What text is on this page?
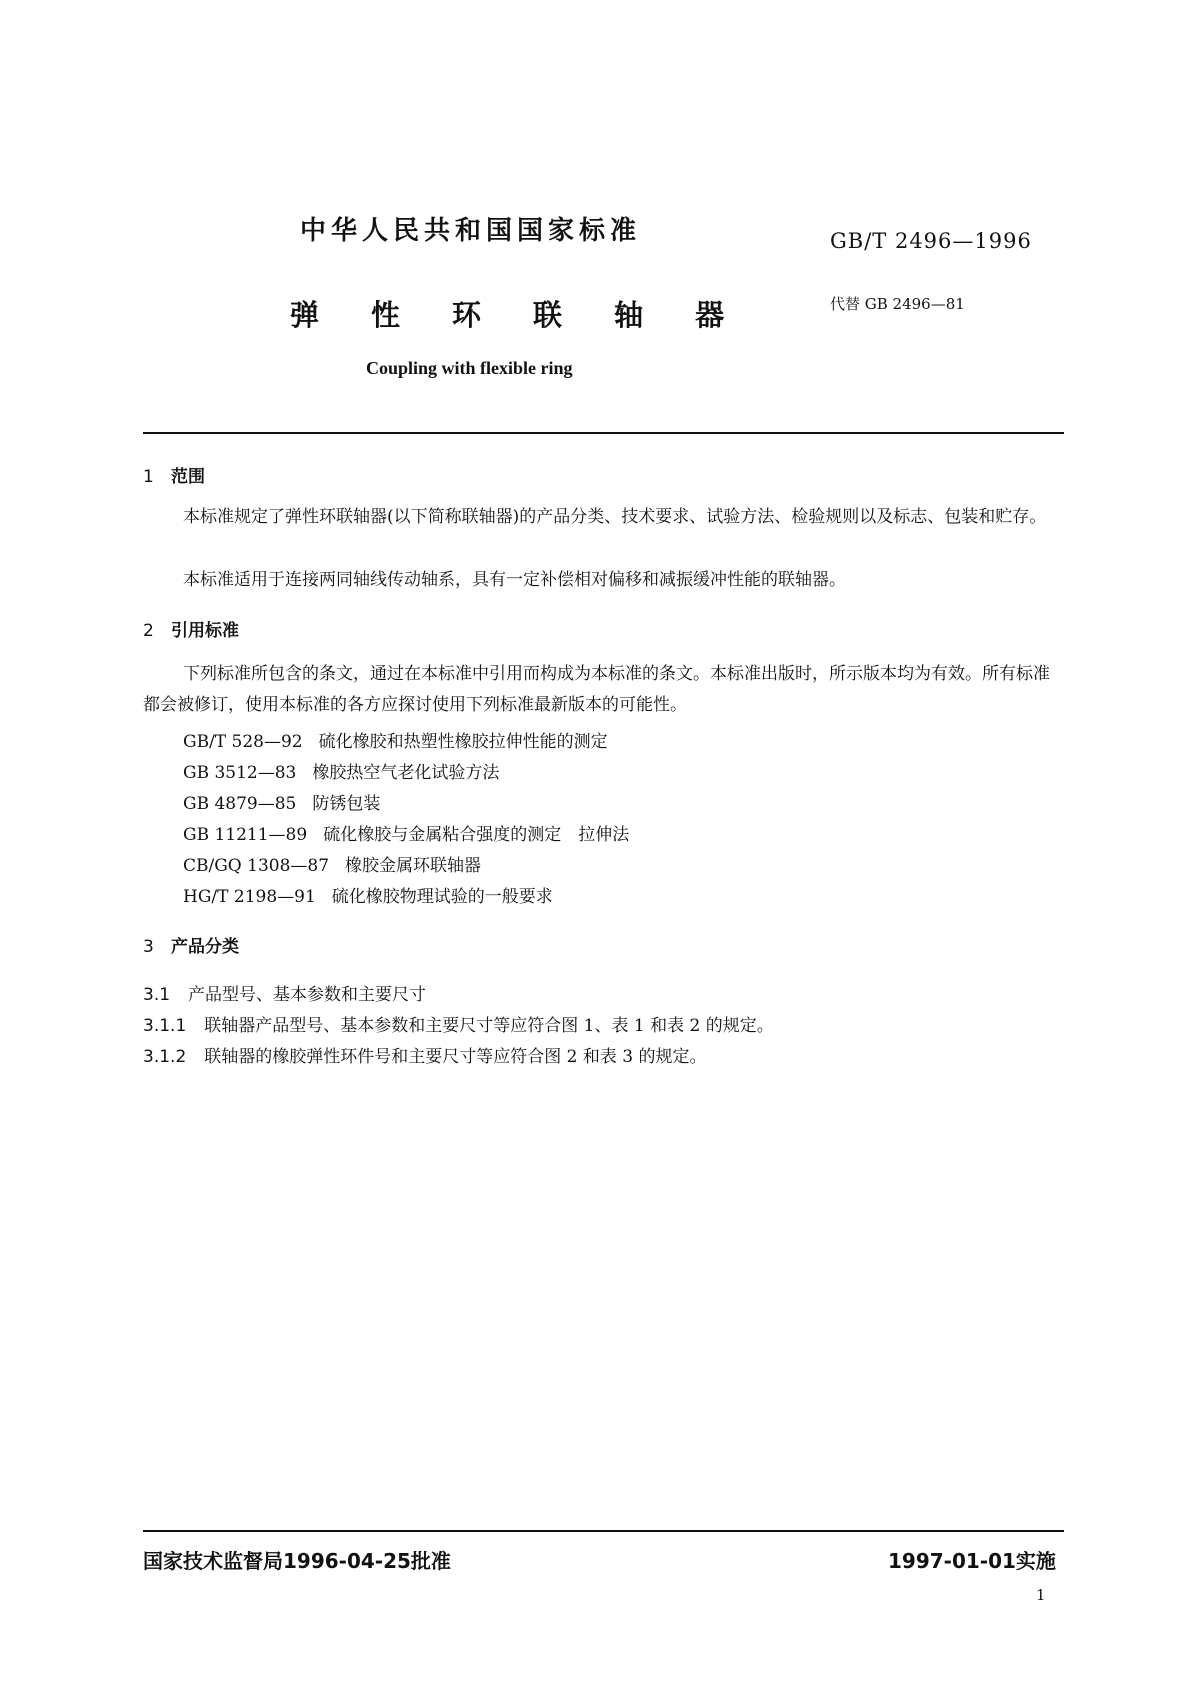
中华人民共和国国家标准	GB/T 2496—1996
弹 性 环 联 轴 器	代替 GB 2496—81
Coupling with flexible ring
1 范围
本标准规定了弹性环联轴器(以下简称联轴器)的产品分类、技术要求、试验方法、检验规则以及标志、包装和贮存。
本标准适用于连接两同轴线传动轴系，具有一定补偿相对偏移和减振缓冲性能的联轴器。
2 引用标准
下列标准所包含的条文，通过在本标准中引用而构成为本标准的条文。本标准出版时，所示版本均为有效。所有标准都会被修订，使用本标准的各方应探讨使用下列标准最新版本的可能性。
GB/T 528—92 硫化橡胶和热塑性橡胶拉伸性能的测定
GB 3512—83 橡胶热空气老化试验方法
GB 4879—85 防锈包装
GB 11211—89 硫化橡胶与金属粘合强度的测定　拉伸法
CB/GQ 1308—87 橡胶金属环联轴器
HG/T 2198—91 硫化橡胶物理试验的一般要求
3 产品分类
3.1 产品型号、基本参数和主要尺寸
3.1.1 联轴器产品型号、基本参数和主要尺寸等应符合图 1、表 1 和表 2 的规定。
3.1.2 联轴器的橡胶弹性环件号和主要尺寸等应符合图 2 和表 3 的规定。
国家技术监督局1996-04-25批准	1997-01-01实施
1
